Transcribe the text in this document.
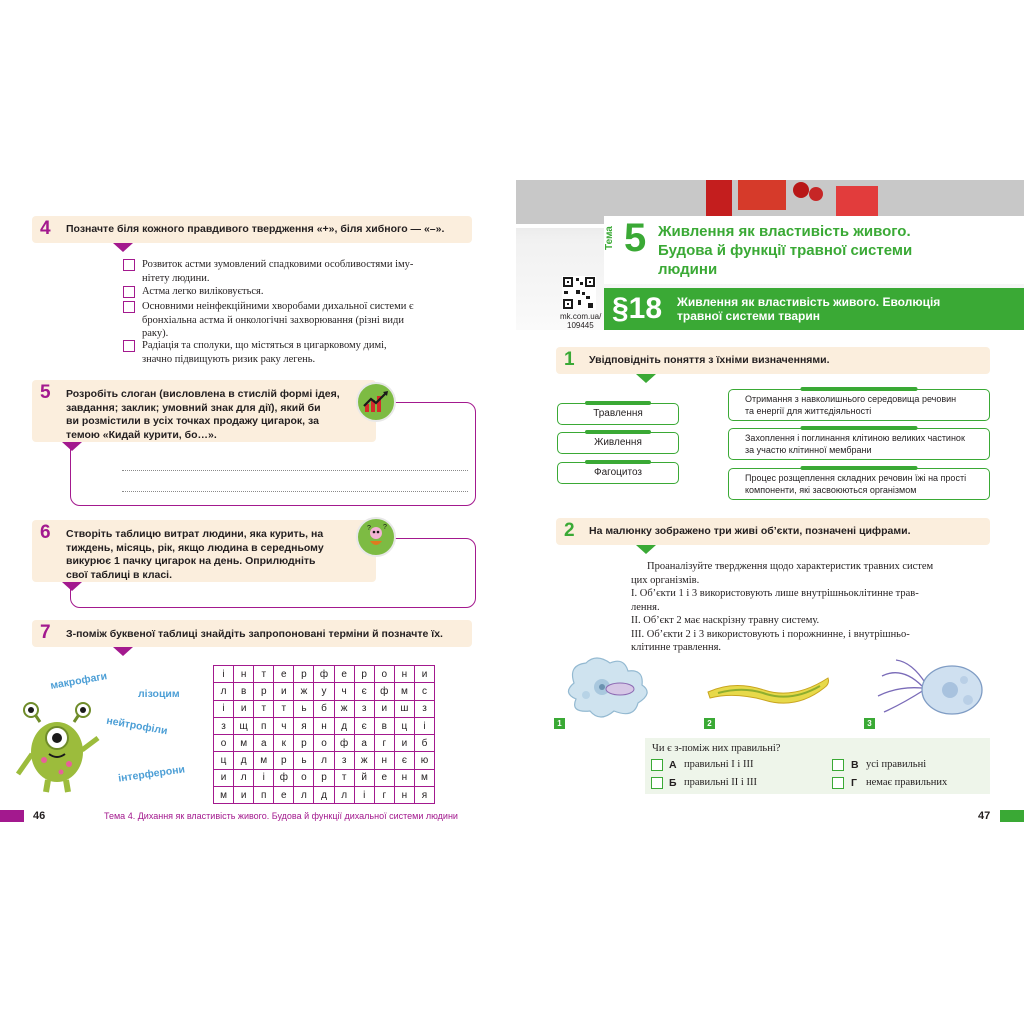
4 Позначте біля кожного правдивого твердження «+», біля хибного — «–».
Розвиток астми зумовлений спадковими особливостями іму-
нітету людини.
Астма легко виліковується.
Основними неінфекційними хворобами дихальної системи є
бронхіальна астма й онкологічні захворювання (різні види
раку).
Радіація та сполуки, що містяться в цигарковому димі,
значно підвищують ризик раку легень.
5 Розробіть слоган (висловлена в стислій формі ідея,
завдання; заклик; умовний знак для дії), який би
ви розмістили в усіх точках продажу цигарок, за
темою «Кидай курити, бо…».
6 Створіть таблицю витрат людини, яка курить, на
тиждень, місяць, рік, якщо людина в середньому
викурює 1 пачку цигарок на день. Оприлюдніть
свої таблиці в класі.
? ?
7 З-поміж буквеної таблиці знайдіть запропоновані терміни й позначте їх.
макрофаги
лізоцим
нейтрофіли
інтерферони
і	н	т	е	р	ф	е	р	о	н	и
л	в	р	и	ж	у	ч	є	ф	м	с
і	и	т	т	ь	б	ж	з	и	ш	з
з	щ	п	ч	я	н	д	є	в	ц	і
о	м	а	к	р	о	ф	а	г	и	б
ц	д	м	р	ь	л	з	ж	н	є	ю
и	л	і	ф	о	р	т	й	е	н	м
м	и	п	е	л	д	л	і	г	н	я
46	Тема 4. Дихання як властивість живого. Будова й функції дихальної системи людини
Тема 5 Живлення як властивість живого.
Будова й функції травної системи
людини
mk.com.ua/
109445
§18 Живлення як властивість живого. Еволюція
травної системи тварин
1 Увідповідніть поняття з їхніми визначеннями.
Травлення
Живлення
Фагоцитоз
Отримання з навколишнього середовища речовин
та енергії для життєдіяльності
Захоплення і поглинання клітиною великих частинок
за участю клітинної мембрани
Процес розщеплення складних речовин їжі на прості
компоненти, які засвоюються організмом
2 На малюнку зображено три живі об’єкти, позначені цифрами.
Проаналізуйте твердження щодо характеристик травних систем
цих організмів.
І. Об’єкти 1 і 3 використовують лише внутрішньоклітинне трав-
лення.
ІІ. Об’єкт 2 має наскрізну травну систему.
ІІІ. Об’єкти 2 і 3 використовують і порожнинне, і внутрішньо-
клітинне травлення.
1	2	3
Чи є з-поміж них правильні?
А правильні І і ІІІ
Б правильні ІІ і ІІІ
В усі правильні
Г немає правильних
47
